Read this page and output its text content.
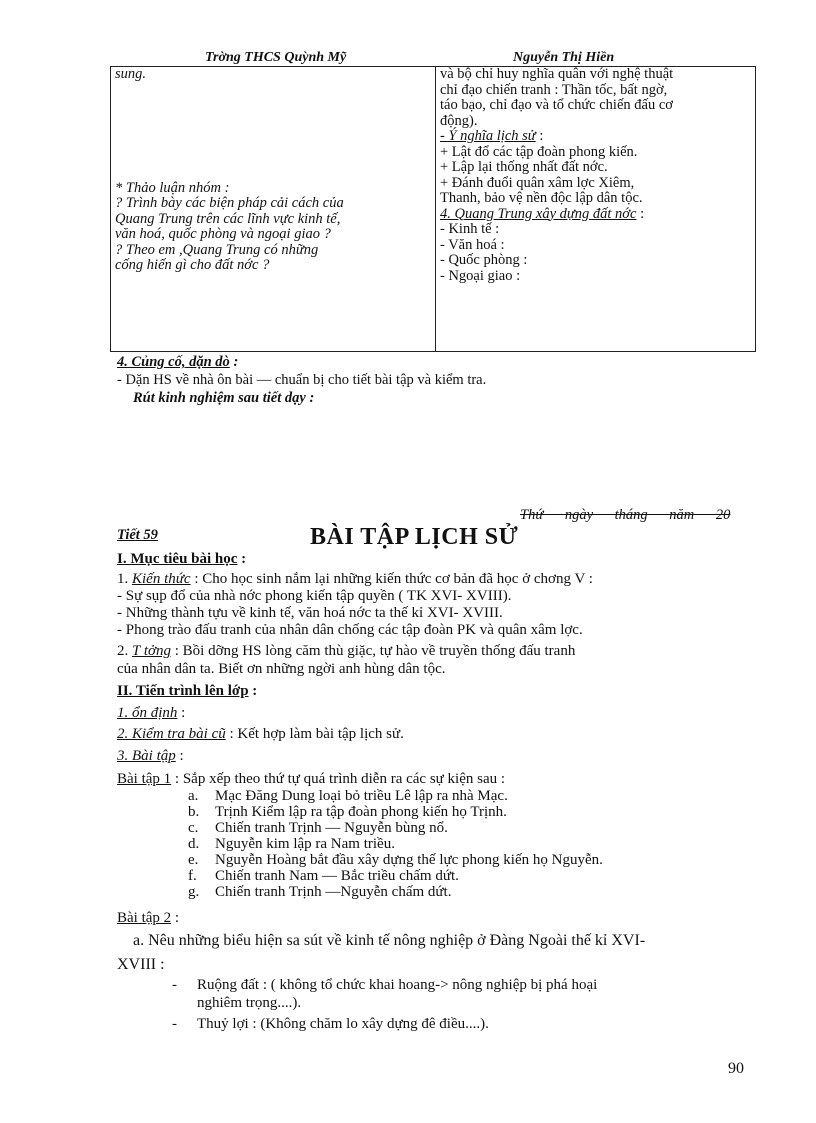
Trờng THCS Quỳnh Mỹ	Nguyễn Thị Hiền
sung.
* Thảo luận nhóm :
? Trình bày các biện pháp cải cách của
Quang Trung trên các lĩnh vực kinh tế,
văn hoá, quốc phòng và ngoại giao ?
? Theo em ,Quang Trung có những
cống hiến gì cho đất nớc ?

và bộ chỉ huy nghĩa quân với nghệ thuật
chỉ đạo chiến tranh : Thần tốc, bất ngờ,
táo bạo, chỉ đạo và tổ chức chiến đấu cơ
động).
- Ý nghĩa lịch sử :
+ Lật đổ các tập đoàn phong kiến.
+ Lập lại thống nhất đất nớc.
+ Đánh đuổi quân xâm lợc Xiêm,
Thanh, bảo vệ nền độc lập dân tộc.
4. Quang Trung xây dựng đất nớc :
- Kinh tế :
- Văn hoá :
- Quốc phòng :
- Ngoại giao :
4. Củng cố, dặn dò :
- Dặn HS về nhà ôn bài — chuẩn bị cho tiết bài tập và kiểm tra.
Rút kinh nghiệm sau tiết dạy :
Thứ ngày tháng năm 20
Tiết 59	BÀI TẬP LỊCH SỬ
I. Mục tiêu bài học :
1. Kiến thức : Cho học sinh nắm lại những kiến thức cơ bản đã học ở chơng V :
- Sự sụp đổ của nhà nớc phong kiến tập quyền ( TK XVI- XVIII).
- Những thành tựu về kinh tế, văn hoá nớc ta thế kỉ XVI- XVIII.
- Phong trào đấu tranh của nhân dân chống các tập đoàn PK và quân xâm lợc.
2. T tởng : Bồi dỡng HS lòng căm thù giặc, tự hào về truyền thống đấu tranh
của nhân dân ta. Biết ơn những ngời anh hùng dân tộc.
II. Tiến trình lên lớp :
1. ổn định :
2. Kiểm tra bài cũ : Kết hợp làm bài tập lịch sử.
3. Bài tập :
Bài tập 1 : Sắp xếp theo thứ tự quá trình diễn ra các sự kiện sau :
a. Mạc Đăng Dung loại bỏ triều Lê lập ra nhà Mạc.
b. Trịnh Kiểm lập ra tập đoàn phong kiến họ Trịnh.
c. Chiến tranh Trịnh — Nguyễn bùng nổ.
d. Nguyễn kim lập ra Nam triều.
e. Nguyễn Hoàng bắt đầu xây dựng thế lực phong kiến họ Nguyễn.
f. Chiến tranh Nam — Bắc triều chấm dứt.
g. Chiến tranh Trịnh —Nguyễn chấm dứt.
Bài tập 2 :
a. Nêu những biểu hiện sa sút về kinh tế nông nghiệp ở Đàng Ngoài thế kỉ XVI-
XVIII :
- Ruộng đất : ( không tổ chức khai hoang-> nông nghiệp bị phá hoại
nghiêm trọng....).
- Thuỷ lợi : (Không chăm lo xây dựng đê điều....).
90
